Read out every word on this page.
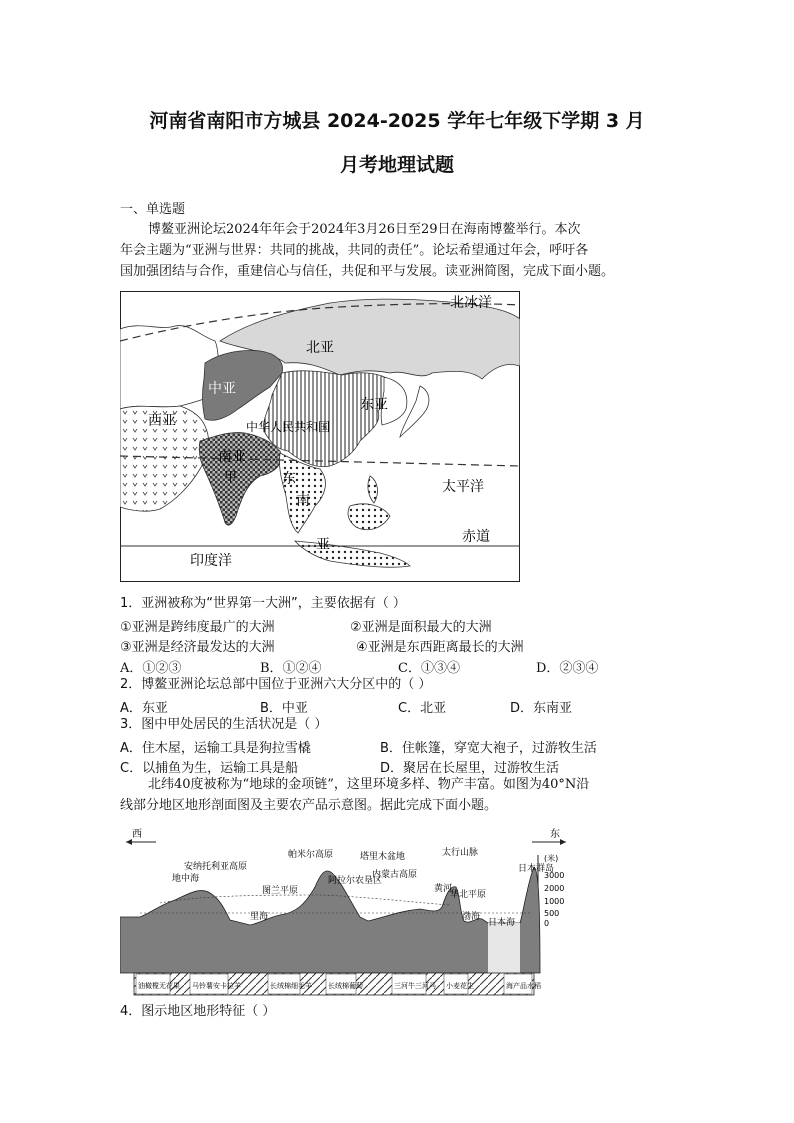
河南省南阳市方城县 2024-2025 学年七年级下学期 3 月
月考地理试题
一、单选题
博鳌亚洲论坛2024年年会于2024年3月26日至29日在海南博鳌举行。本次
年会主题为“亚洲与世界：共同的挑战，共同的责任”。论坛希望通过年会，呼吁各
国加强团结与合作，重建信心与信任，共促和平与发展。读亚洲简图，完成下面小题。
北冰洋
北亚
中亚
东亚
西亚	中华人民共和国
南亚
甲	东
南
亚
太平洋
赤道
印度洋
1．亚洲被称为“世界第一大洲”，主要依据有（ ）
①亚洲是跨纬度最广的大洲	②亚洲是面积最大的大洲
③亚洲是经济最发达的大洲	④亚洲是东西距离最长的大洲
A．①②③	B．①②④	C．①③④	D．②③④
2．博鳌亚洲论坛总部中国位于亚洲六大分区中的（ ）
A．东亚	B．中亚	C．北亚	D．东南亚
3．图中甲处居民的生活状况是（ ）
A．住木屋，运输工具是狗拉雪橇	B．住帐篷，穿宽大袍子，过游牧生活
C．以捕鱼为生，运输工具是船	D．聚居在长屋里，过游牧生活
北纬40度被称为“地球的金项链”，这里环境多样、物产丰富。如图为40°N沿
线部分地区地形剖面图及主要农产品示意图。据此完成下面小题。
西	东
(米)
3000
2000
1000
500
0
安纳托利亚高原
地中海
帕米尔高原	塔里木盆地
图兰平原
阿拉尔农垦区
内蒙古高原
里海
太行山脉
黄河
华北平原
渤海
日本海
日本群岛
油橄榄无花果 马铃薯安卡拉羊	长绒棉细毛羊 长绒棉葡萄	三河牛三河马 小麦花生	海产品水稻
4．图示地区地形特征（ ）
